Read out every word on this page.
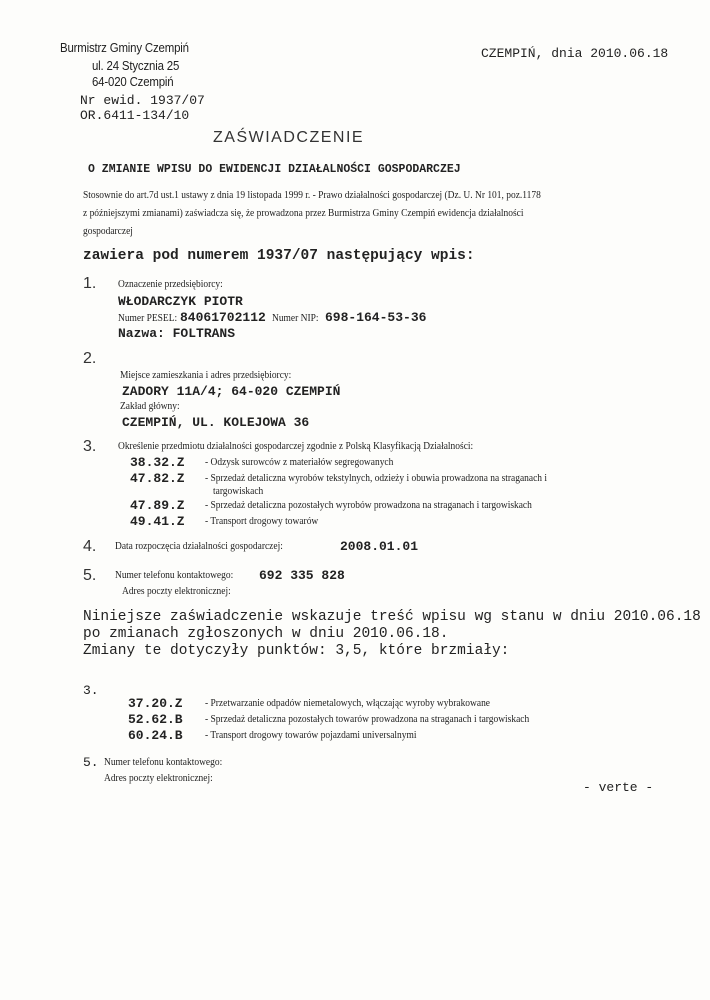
Burmistrz Gminy Czempiń
ul. 24 Stycznia 25
64-020 Czempiń
Nr ewid. 1937/07
OR.6411-134/10
CZEMPIŃ, dnia 2010.06.18
ZAŚWIADCZENIE
O ZMIANIE WPISU DO EWIDENCJI DZIAŁALNOŚCI GOSPODARCZEJ
Stosownie do art.7d ust.1 ustawy z dnia 19 listopada 1999 r. - Prawo działalności gospodarczej (Dz. U. Nr 101, poz.1178
z późniejszymi zmianami) zaświadcza się, że prowadzona przez Burmistrza Gminy Czempiń ewidencja działalności
gospodarczej
zawiera pod numerem 1937/07 następujący wpis:
1. Oznaczenie przedsiębiorcy:
WŁODARCZYK PIOTR
Numer PESEL: 84061702112 Numer NIP: 698-164-53-36
Nazwa: FOLTRANS
2.
Miejsce zamieszkania i adres przedsiębiorcy:
ZADORY 11A/4; 64-020 CZEMPIŃ
Zakład główny:
CZEMPIŃ, UL. KOLEJOWA 36
3. Określenie przedmiotu działalności gospodarczej zgodnie z Polską Klasyfikacją Działalności:
38.32.Z - Odzysk surowców z materiałów segregowanych
47.82.Z - Sprzedaż detaliczna wyrobów tekstylnych, odzieży i obuwia prowadzona na straganach i
targowiskach
47.89.Z - Sprzedaż detaliczna pozostałych wyrobów prowadzona na straganach i targowiskach
49.41.Z - Transport drogowy towarów
4. Data rozpoczęcia działalności gospodarczej:	2008.01.01
5. Numer telefonu kontaktowego: 692 335 828
Adres poczty elektronicznej:
Niniejsze zaświadczenie wskazuje treść wpisu wg stanu w dniu 2010.06.18
po zmianach zgłoszonych w dniu 2010.06.18.
Zmiany te dotyczyły punktów: 3,5, które brzmiały:
3.
37.20.Z - Przetwarzanie odpadów niemetalowych, włączając wyroby wybrakowane
52.62.B - Sprzedaż detaliczna pozostałych towarów prowadzona na straganach i targowiskach
60.24.B - Transport drogowy towarów pojazdami universalnymi
5. Numer telefonu kontaktowego:
Adres poczty elektronicznej:
- verte -
